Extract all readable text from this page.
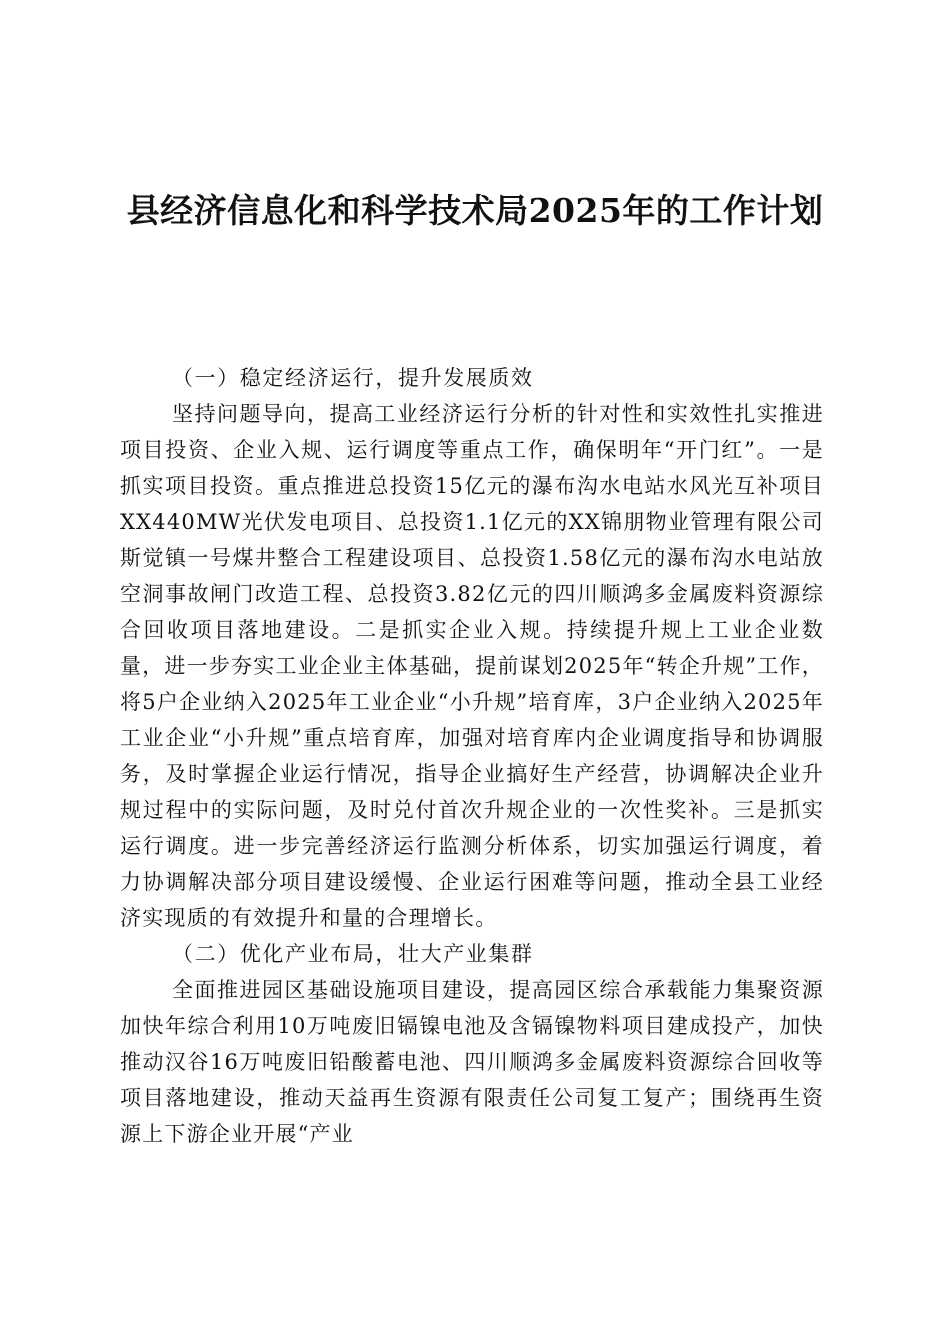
县经济信息化和科学技术局2025年的工作计划

（一）稳定经济运行，提升发展质效

坚持问题导向，提高工业经济运行分析的针对性和实效性扎实推进项目投资、企业入规、运行调度等重点工作，确保明年“开门红”。一是抓实项目投资。重点推进总投资15亿元的瀑布沟水电站水风光互补项目XX440MW光伏发电项目、总投资1.1亿元的XX锦朋物业管理有限公司斯觉镇一号煤井整合工程建设项目、总投资1.58亿元的瀑布沟水电站放空洞事故闸门改造工程、总投资3.82亿元的四川顺鸿多金属废料资源综合回收项目落地建设。二是抓实企业入规。持续提升规上工业企业数量，进一步夯实工业企业主体基础，提前谋划2025年“转企升规”工作，将5户企业纳入2025年工业企业“小升规”培育库，3户企业纳入2025年工业企业“小升规”重点培育库，加强对培育库内企业调度指导和协调服务，及时掌握企业运行情况，指导企业搞好生产经营，协调解决企业升规过程中的实际问题，及时兑付首次升规企业的一次性奖补。三是抓实运行调度。进一步完善经济运行监测分析体系，切实加强运行调度，着力协调解决部分项目建设缓慢、企业运行困难等问题，推动全县工业经济实现质的有效提升和量的合理增长。

（二）优化产业布局，壮大产业集群

全面推进园区基础设施项目建设，提高园区综合承载能力集聚资源加快年综合利用10万吨废旧镉镍电池及含镉镍物料项目建成投产，加快推动汉谷16万吨废旧铅酸蓄电池、四川顺鸿多金属废料资源综合回收等项目落地建设，推动天益再生资源有限责任公司复工复产；围绕再生资源上下游企业开展“产业
